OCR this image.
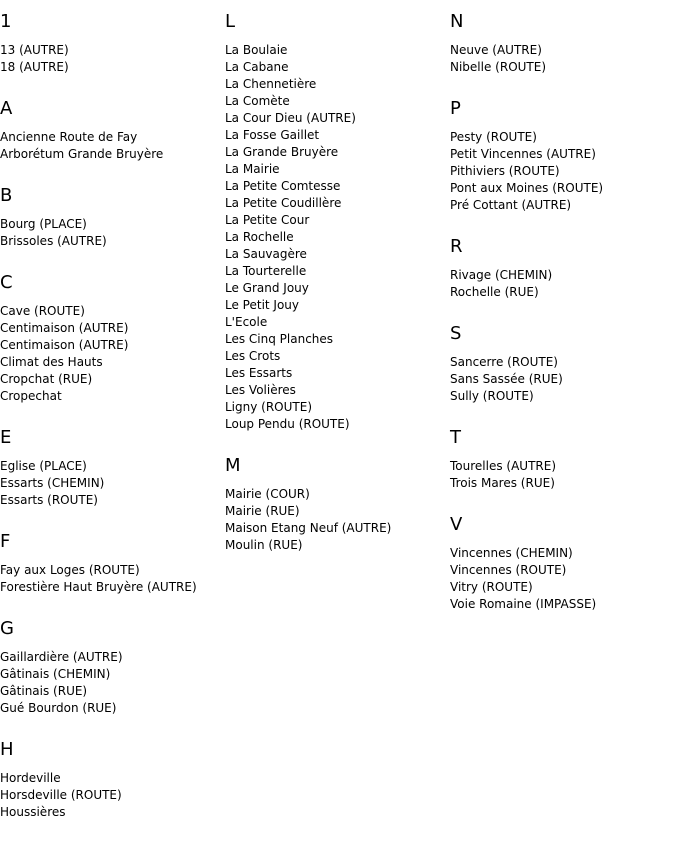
1
13 (AUTRE)
18 (AUTRE)
A
Ancienne Route de Fay
Arborétum Grande Bruyère
B
Bourg (PLACE)
Brissoles (AUTRE)
C
Cave (ROUTE)
Centimaison (AUTRE)
Centimaison (AUTRE)
Climat des Hauts
Cropchat (RUE)
Cropechat
E
Eglise (PLACE)
Essarts (CHEMIN)
Essarts (ROUTE)
F
Fay aux Loges (ROUTE)
Forestière Haut Bruyère (AUTRE)
G
Gaillardière (AUTRE)
Gâtinais (CHEMIN)
Gâtinais (RUE)
Gué Bourdon (RUE)
H
Hordeville
Horsdeville (ROUTE)
Houssières
L
La Boulaie
La Cabane
La Chennetière
La Comète
La Cour Dieu (AUTRE)
La Fosse Gaillet
La Grande Bruyère
La Mairie
La Petite Comtesse
La Petite Coudillère
La Petite Cour
La Rochelle
La Sauvagère
La Tourterelle
Le Grand Jouy
Le Petit Jouy
L'Ecole
Les Cinq Planches
Les Crots
Les Essarts
Les Volières
Ligny (ROUTE)
Loup Pendu (ROUTE)
M
Mairie (COUR)
Mairie (RUE)
Maison Etang Neuf (AUTRE)
Moulin (RUE)
N
Neuve (AUTRE)
Nibelle (ROUTE)
P
Pesty (ROUTE)
Petit Vincennes (AUTRE)
Pithiviers (ROUTE)
Pont aux Moines (ROUTE)
Pré Cottant (AUTRE)
R
Rivage (CHEMIN)
Rochelle (RUE)
S
Sancerre (ROUTE)
Sans Sassée (RUE)
Sully (ROUTE)
T
Tourelles (AUTRE)
Trois Mares (RUE)
V
Vincennes (CHEMIN)
Vincennes (ROUTE)
Vitry (ROUTE)
Voie Romaine (IMPASSE)
